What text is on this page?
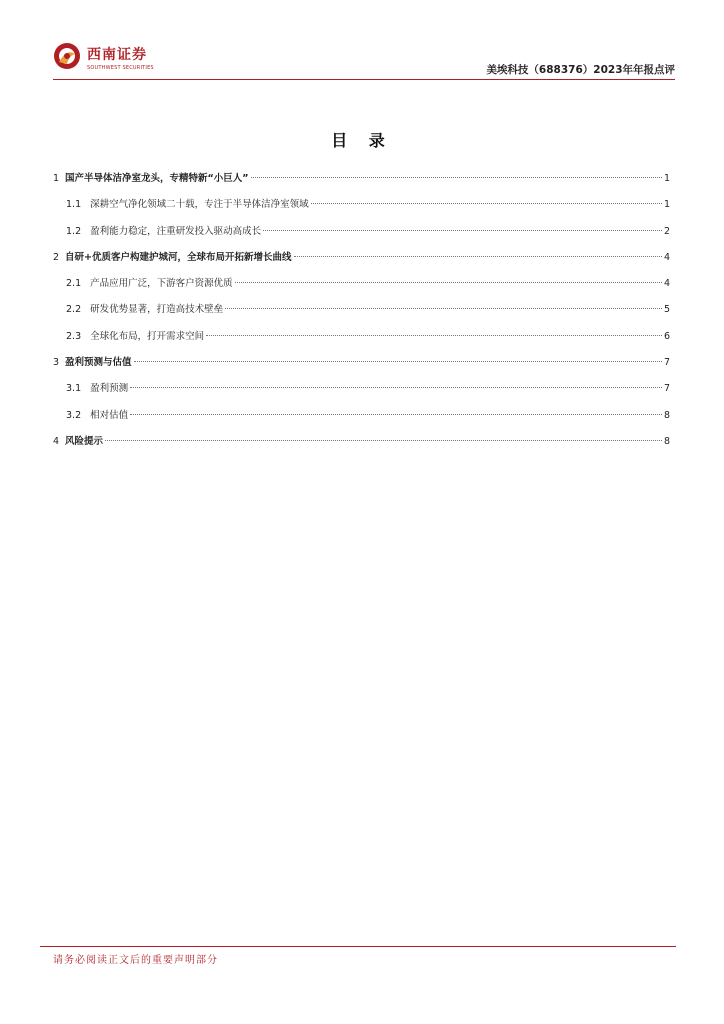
西南证券
SOUTHWEST SECURITIES	美埃科技（688376）2023年年报点评
目 录
1 国产半导体洁净室龙头，专精特新“小巨人”	1
1.1 深耕空气净化领域二十载，专注于半导体洁净室领域	1
1.2 盈利能力稳定，注重研发投入驱动高成长	2
2 自研+优质客户构建护城河，全球布局开拓新增长曲线	4
2.1 产品应用广泛，下游客户资源优质	4
2.2 研发优势显著，打造高技术壁垒	5
2.3 全球化布局，打开需求空间	6
3 盈利预测与估值	7
3.1 盈利预测	7
3.2 相对估值	8
4 风险提示	8
请务必阅读正文后的重要声明部分
